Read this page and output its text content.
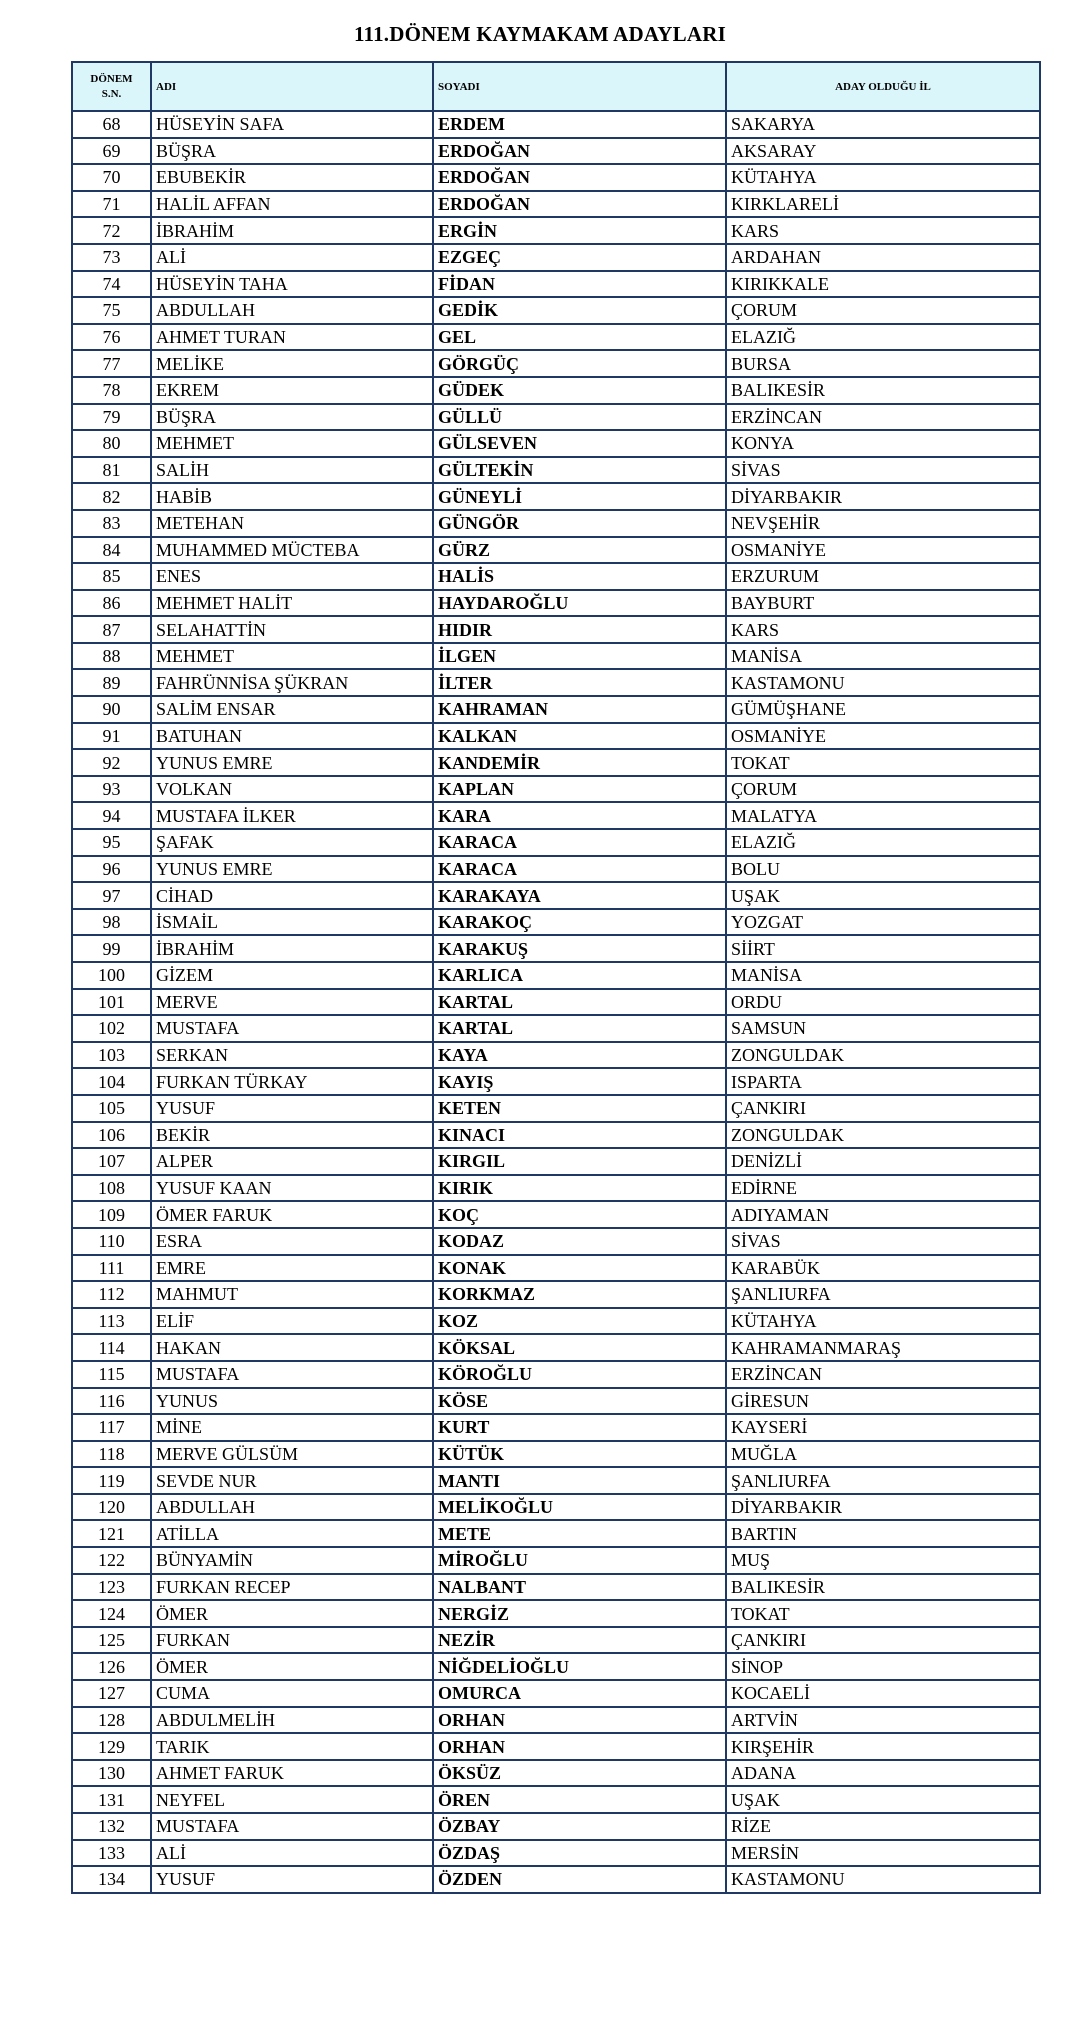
111.DÖNEM KAYMAKAM ADAYLARI
DÖNEM
S.N.	ADI	SOYADI	ADAY OLDUĞU İL
68	HÜSEYİN SAFA	ERDEM	SAKARYA
69	BÜŞRA	ERDOĞAN	AKSARAY
70	EBUBEKİR	ERDOĞAN	KÜTAHYA
71	HALİL AFFAN	ERDOĞAN	KIRKLARELİ
72	İBRAHİM	ERGİN	KARS
73	ALİ	EZGEÇ	ARDAHAN
74	HÜSEYİN TAHA	FİDAN	KIRIKKALE
75	ABDULLAH	GEDİK	ÇORUM
76	AHMET TURAN	GEL	ELAZIĞ
77	MELİKE	GÖRGÜÇ	BURSA
78	EKREM	GÜDEK	BALIKESİR
79	BÜŞRA	GÜLLÜ	ERZİNCAN
80	MEHMET	GÜLSEVEN	KONYA
81	SALİH	GÜLTEKİN	SİVAS
82	HABİB	GÜNEYLİ	DİYARBAKIR
83	METEHAN	GÜNGÖR	NEVŞEHİR
84	MUHAMMED MÜCTEBA	GÜRZ	OSMANİYE
85	ENES	HALİS	ERZURUM
86	MEHMET HALİT	HAYDAROĞLU	BAYBURT
87	SELAHATTİN	HIDIR	KARS
88	MEHMET	İLGEN	MANİSA
89	FAHRÜNNİSA ŞÜKRAN	İLTER	KASTAMONU
90	SALİM ENSAR	KAHRAMAN	GÜMÜŞHANE
91	BATUHAN	KALKAN	OSMANİYE
92	YUNUS EMRE	KANDEMİR	TOKAT
93	VOLKAN	KAPLAN	ÇORUM
94	MUSTAFA İLKER	KARA	MALATYA
95	ŞAFAK	KARACA	ELAZIĞ
96	YUNUS EMRE	KARACA	BOLU
97	CİHAD	KARAKAYA	UŞAK
98	İSMAİL	KARAKOÇ	YOZGAT
99	İBRAHİM	KARAKUŞ	SİİRT
100	GİZEM	KARLICA	MANİSA
101	MERVE	KARTAL	ORDU
102	MUSTAFA	KARTAL	SAMSUN
103	SERKAN	KAYA	ZONGULDAK
104	FURKAN TÜRKAY	KAYIŞ	ISPARTA
105	YUSUF	KETEN	ÇANKIRI
106	BEKİR	KINACI	ZONGULDAK
107	ALPER	KIRGIL	DENİZLİ
108	YUSUF KAAN	KIRIK	EDİRNE
109	ÖMER FARUK	KOÇ	ADIYAMAN
110	ESRA	KODAZ	SİVAS
111	EMRE	KONAK	KARABÜK
112	MAHMUT	KORKMAZ	ŞANLIURFA
113	ELİF	KOZ	KÜTAHYA
114	HAKAN	KÖKSAL	KAHRAMANMARAŞ
115	MUSTAFA	KÖROĞLU	ERZİNCAN
116	YUNUS	KÖSE	GİRESUN
117	MİNE	KURT	KAYSERİ
118	MERVE GÜLSÜM	KÜTÜK	MUĞLA
119	SEVDE NUR	MANTI	ŞANLIURFA
120	ABDULLAH	MELİKOĞLU	DİYARBAKIR
121	ATİLLA	METE	BARTIN
122	BÜNYAMİN	MİROĞLU	MUŞ
123	FURKAN RECEP	NALBANT	BALIKESİR
124	ÖMER	NERGİZ	TOKAT
125	FURKAN	NEZİR	ÇANKIRI
126	ÖMER	NİĞDELİOĞLU	SİNOP
127	CUMA	OMURCA	KOCAELİ
128	ABDULMELİH	ORHAN	ARTVİN
129	TARIK	ORHAN	KIRŞEHİR
130	AHMET FARUK	ÖKSÜZ	ADANA
131	NEYFEL	ÖREN	UŞAK
132	MUSTAFA	ÖZBAY	RİZE
133	ALİ	ÖZDAŞ	MERSİN
134	YUSUF	ÖZDEN	KASTAMONU
